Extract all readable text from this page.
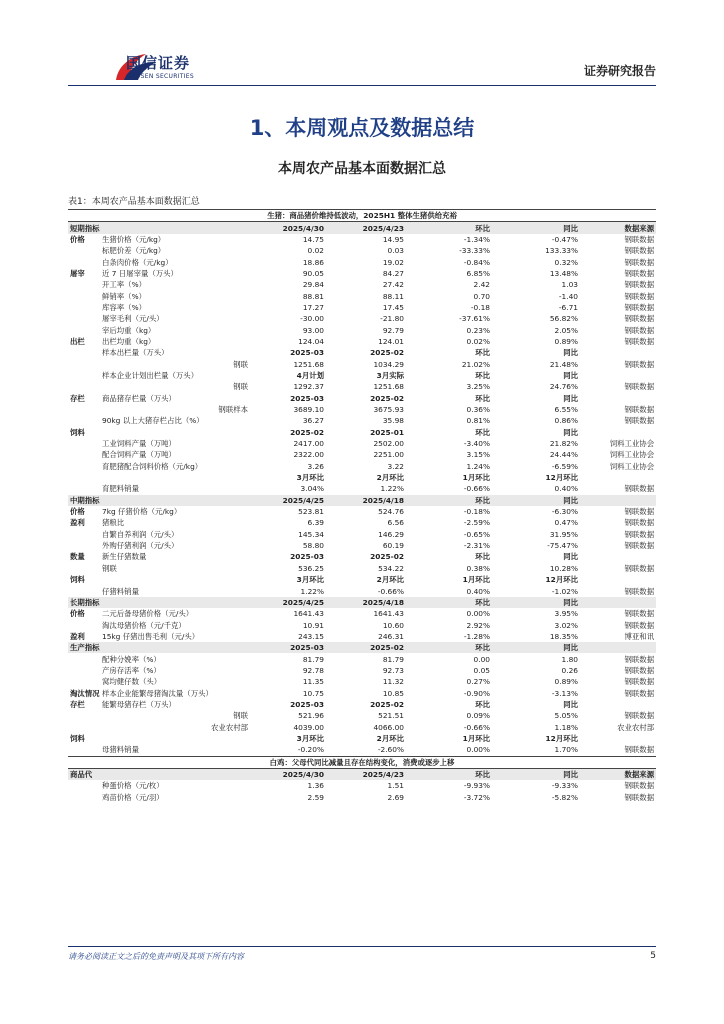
国信证券
GUOSEN SECURITIES	证券研究报告
1、本周观点及数据总结
本周农产品基本面数据汇总
表1：本周农产品基本面数据汇总
生猪：商品猪价维持低波动，2025H1 整体生猪供给充裕						
短期指标		2025/4/30	2025/4/23	环比	同比	数据来源
价格	生猪价格（元/kg）	14.75	14.95	-1.34%	-0.47%	钢联数据
	标肥价差（元/kg）	0.02	0.03	-33.33%	133.33%	钢联数据
	白条肉价格（元/kg）	18.86	19.02	-0.84%	0.32%	钢联数据
屠宰	近 7 日屠宰量（万头）	90.05	84.27	6.85%	13.48%	钢联数据
	开工率（%）	29.84	27.42	2.42	1.03	钢联数据
	鲜销率（%）	88.81	88.11	0.70	-1.40	钢联数据
	库容率（%）	17.27	17.45	-0.18	-6.71	钢联数据
	屠宰毛利（元/头）	-30.00	-21.80	-37.61%	56.82%	钢联数据
	宰后均重（kg）	93.00	92.79	0.23%	2.05%	钢联数据
出栏	出栏均重（kg）	124.04	124.01	0.02%	0.89%	钢联数据
	样本出栏量（万头）	2025-03	2025-02	环比	同比	
	钢联	1251.68	1034.29	21.02%	21.48%	钢联数据
	样本企业计划出栏量（万头）	4月计划	3月实际	环比	同比	
	钢联	1292.37	1251.68	3.25%	24.76%	钢联数据
存栏	商品猪存栏量（万头）	2025-03	2025-02	环比	同比	
	钢联样本	3689.10	3675.93	0.36%	6.55%	钢联数据
	90kg 以上大猪存栏占比（%）	36.27	35.98	0.81%	0.86%	钢联数据
饲料		2025-02	2025-01	环比	同比	
	工业饲料产量（万吨）	2417.00	2502.00	-3.40%	21.82%	饲料工业协会
	配合饲料产量（万吨）	2322.00	2251.00	3.15%	24.44%	饲料工业协会
	育肥猪配合饲料价格（元/kg）	3.26	3.22	1.24%	-6.59%	饲料工业协会
		3月环比	2月环比	1月环比	12月环比	
	育肥料销量	3.04%	1.22%	-0.66%	0.40%	钢联数据
中期指标		2025/4/25	2025/4/18	环比	同比	
价格	7kg 仔猪价格（元/kg）	523.81	524.76	-0.18%	-6.30%	钢联数据
盈利	猪粮比	6.39	6.56	-2.59%	0.47%	钢联数据
	自繁自养利润（元/头）	145.34	146.29	-0.65%	31.95%	钢联数据
	外购仔猪利润（元/头）	58.80	60.19	-2.31%	-75.47%	钢联数据
数量	新生仔猪数量	2025-03	2025-02	环比	同比	
	钢联	536.25	534.22	0.38%	10.28%	钢联数据
饲料		3月环比	2月环比	1月环比	12月环比	
	仔猪料销量	1.22%	-0.66%	0.40%	-1.02%	钢联数据
长期指标		2025/4/25	2025/4/18	环比	同比	
价格	二元后备母猪价格（元/头）	1641.43	1641.43	0.00%	3.95%	钢联数据
	淘汰母猪价格（元/千克）	10.91	10.60	2.92%	3.02%	钢联数据
盈利	15kg 仔猪出售毛利（元/头）	243.15	246.31	-1.28%	18.35%	博亚和讯
生产指标		2025-03	2025-02	环比	同比	
	配种分娩率（%）	81.79	81.79	0.00	1.80	钢联数据
	产房存活率（%）	92.78	92.73	0.05	0.26	钢联数据
	窝均健仔数（头）	11.35	11.32	0.27%	0.89%	钢联数据
淘汰情况	样本企业能繁母猪淘汰量（万头）	10.75	10.85	-0.90%	-3.13%	钢联数据
存栏	能繁母猪存栏（万头）	2025-03	2025-02	环比	同比	
	钢联	521.96	521.51	0.09%	5.05%	钢联数据
	农业农村部	4039.00	4066.00	-0.66%	1.18%	农业农村部
饲料		3月环比	2月环比	1月环比	12月环比	
	母猪料销量	-0.20%	-2.60%	0.00%	1.70%	钢联数据
白鸡：父母代同比减量且存在结构变化，消费或逐步上移						
商品代		2025/4/30	2025/4/23	环比	同比	数据来源
	种蛋价格（元/枚）	1.36	1.51	-9.93%	-9.33%	钢联数据
	鸡苗价格（元/羽）	2.59	2.69	-3.72%	-5.82%	钢联数据
请务必阅读正文之后的免责声明及其项下所有内容	5
